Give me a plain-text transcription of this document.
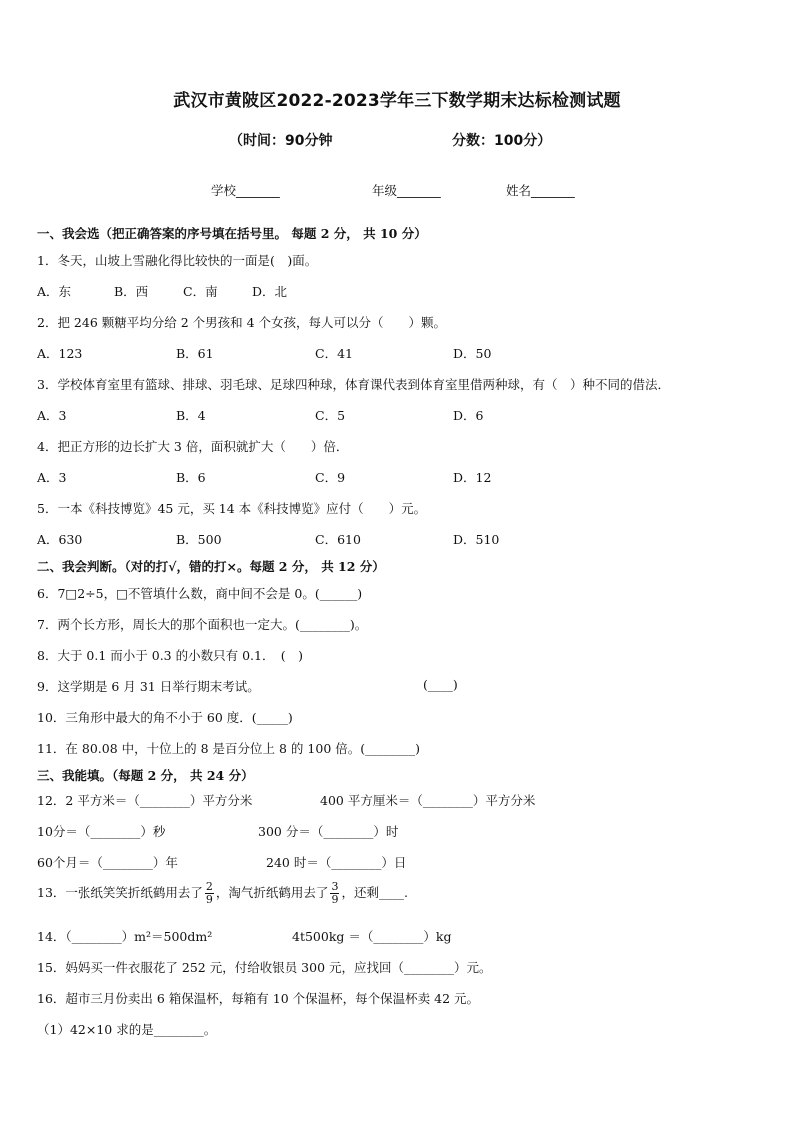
武汉市黄陂区2022-2023学年三下数学期末达标检测试题
（时间：90分钟	分数：100分）
学校_______	年级_______	姓名_______
一、我会选（把正确答案的序号填在括号里。 每题 2 分， 共 10 分）
1．冬天，山坡上雪融化得比较快的一面是(　)面。
A．东	B．西	C．南	D．北
2．把 246 颗糖平均分给 2 个男孩和 4 个女孩，每人可以分（　　）颗。
A．123	B．61	C．41	D．50
3．学校体育室里有篮球、排球、羽毛球、足球四种球，体育课代表到体育室里借两种球，有（　）种不同的借法．
A．3	B．4	C．5	D．6
4．把正方形的边长扩大 3 倍，面积就扩大（　　）倍．
A．3	B．6	C．9	D．12
5．一本《科技博览》45 元，买 14 本《科技博览》应付（　　）元。
A．630	B．500	C．610	D．510
二、我会判断。（对的打√，错的打×。每题 2 分， 共 12 分）
6．7□2÷5，□不管填什么数，商中间不会是 0。(______)
7．两个长方形，周长大的那个面积也一定大。(________)。
8．大于 0.1 而小于 0.3 的小数只有 0.1．　(　)
9．这学期是 6 月 31 日举行期末考试。	(____)
10．三角形中最大的角不小于 60 度．(_____)
11．在 80.08 中，十位上的 8 是百分位上 8 的 100 倍。(________)
三、我能填。（每题 2 分， 共 24 分）
12．2 平方米＝（________）平方分米	400 平方厘米＝（________）平方分米
10分＝（________）秒	300 分＝（________）时
60个月＝（________）年	240 时＝（________）日
13．一张纸笑笑折纸鹤用去了 $\frac{2}{9}$ ，淘气折纸鹤用去了 $\frac{3}{9}$ ，还剩____.
14．（________）m²＝500dm²	4t500kg ＝（________）kg
15．妈妈买一件衣服花了 252 元，付给收银员 300 元，应找回（________）元。
16．超市三月份卖出 6 箱保温杯，每箱有 10 个保温杯，每个保温杯卖 42 元。
（1）42×10 求的是________。
